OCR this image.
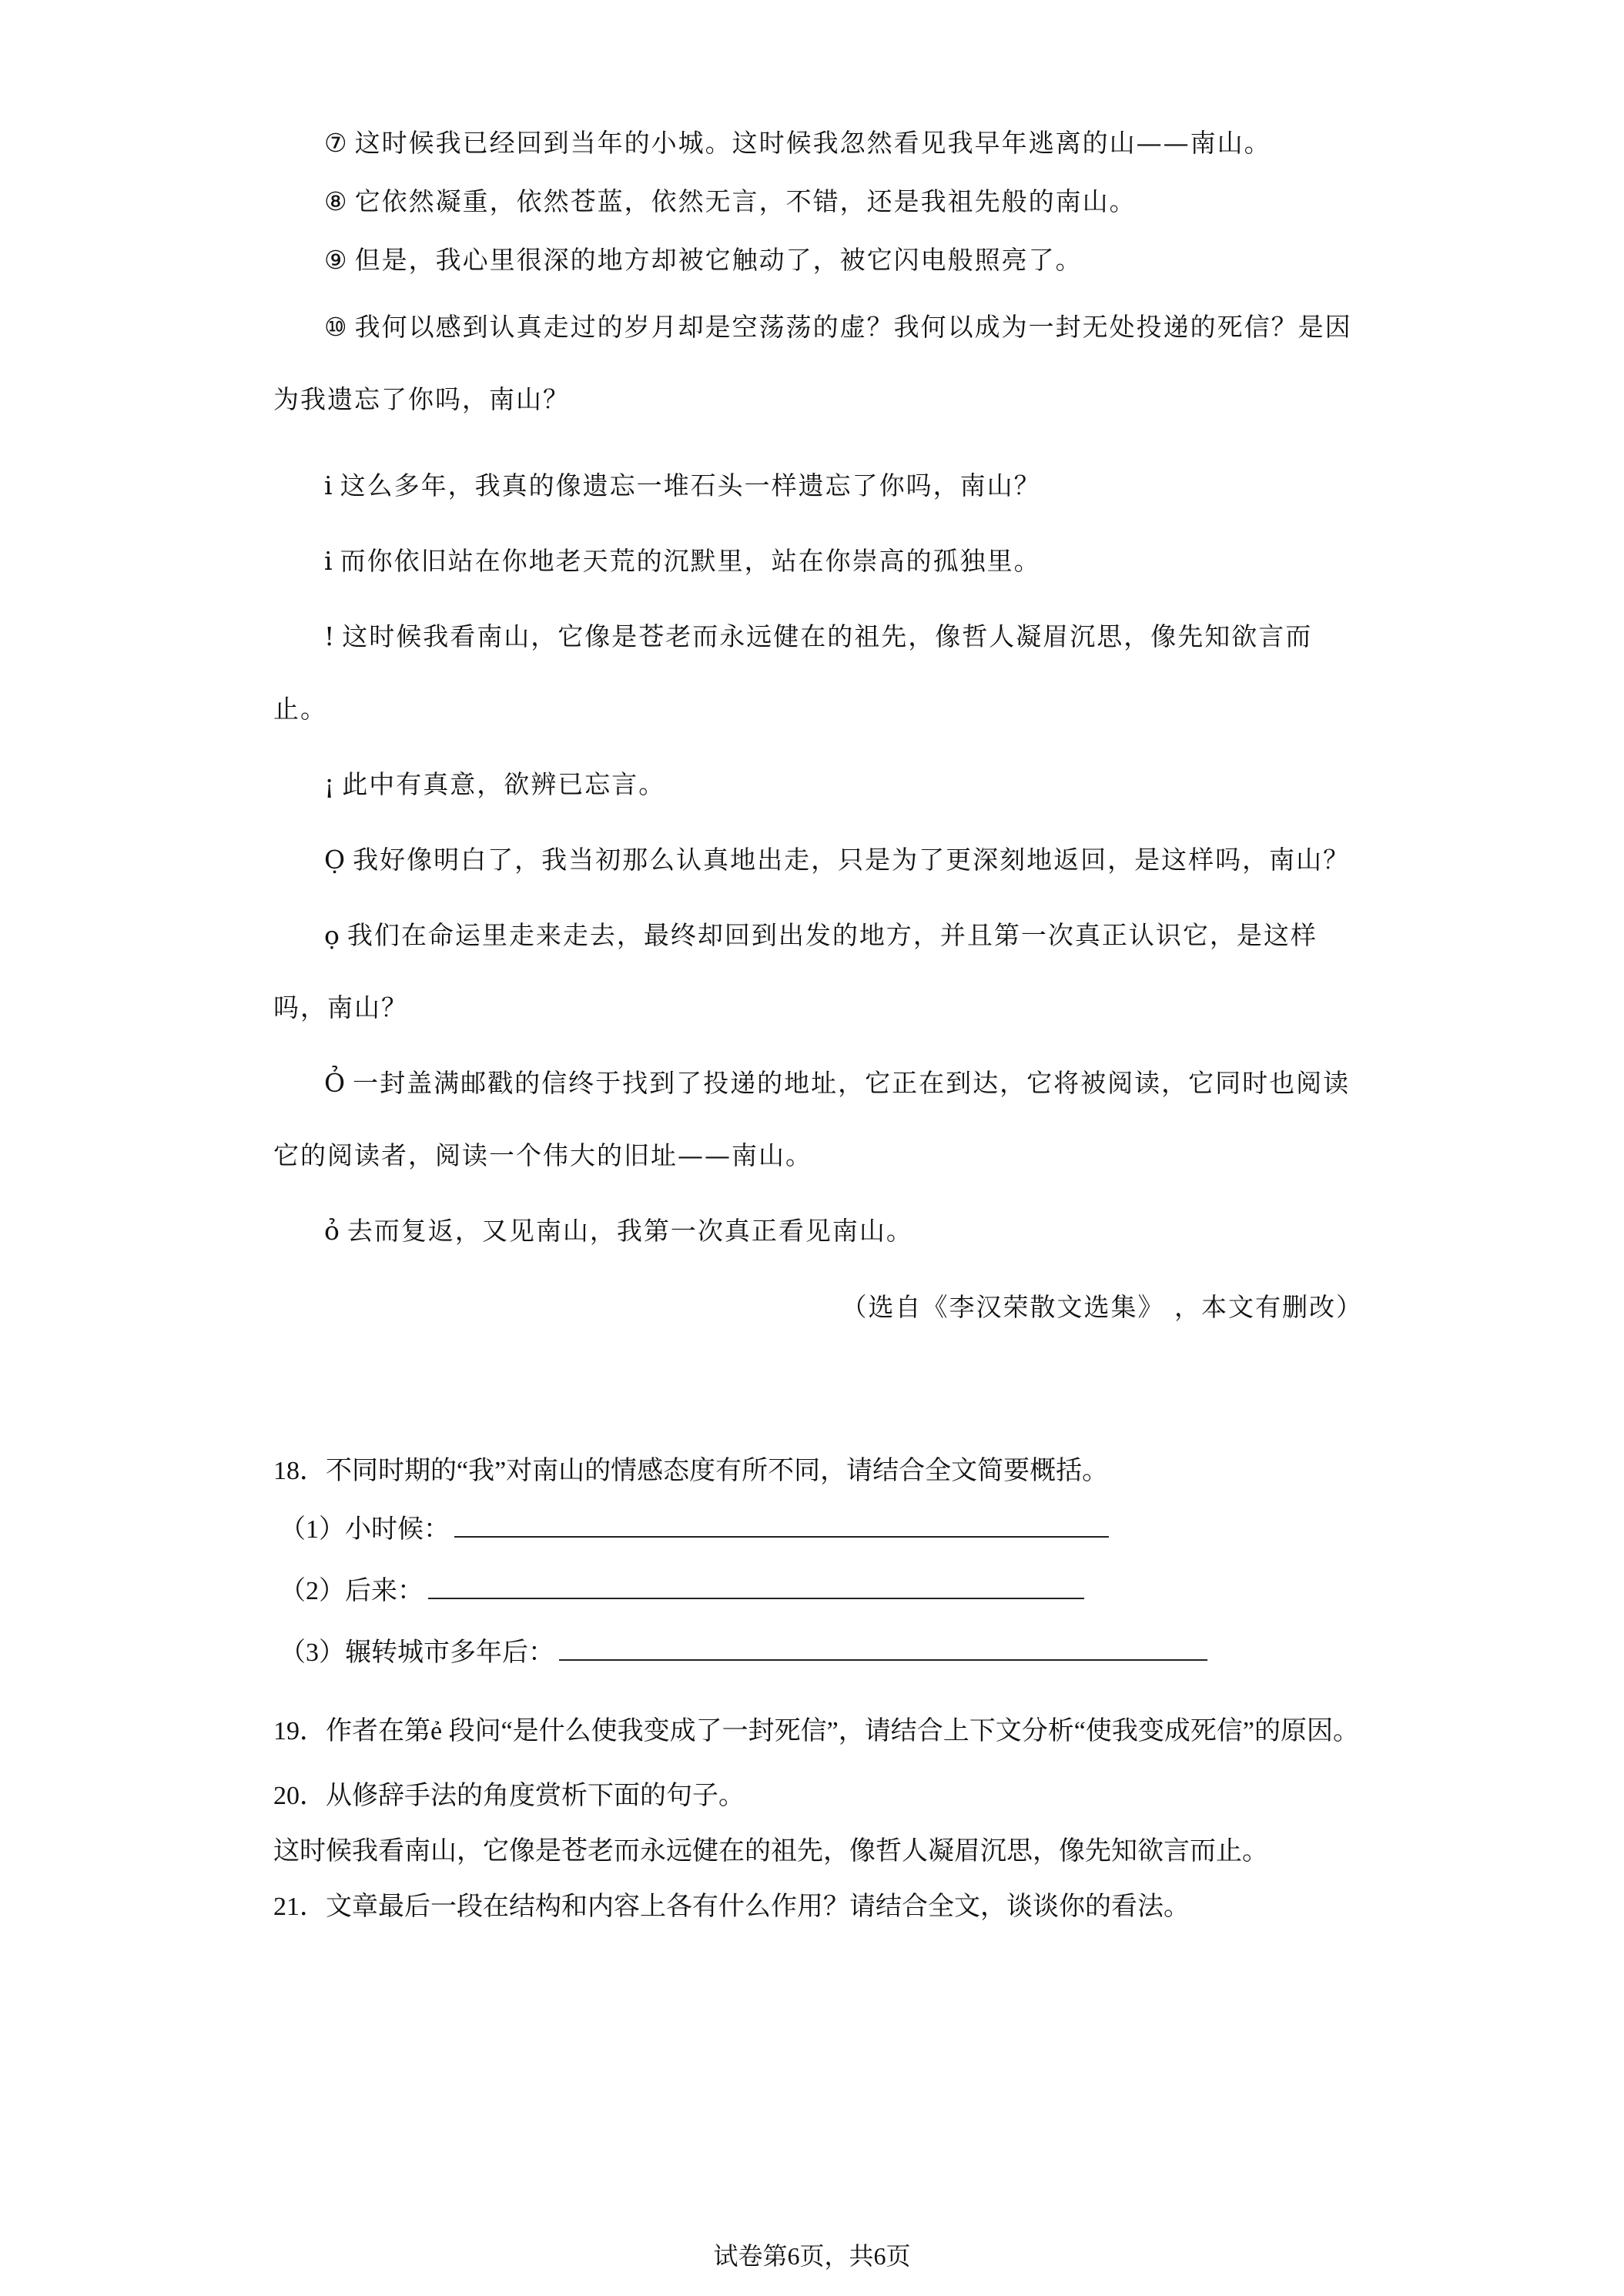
⑦ 这时候我已经回到当年的小城。这时候我忽然看见我早年逃离的山——南山。

⑧ 它依然凝重，依然苍蓝，依然无言，不错，还是我祖先般的南山。

⑨ 但是，我心里很深的地方却被它触动了，被它闪电般照亮了。

⑩ 我何以感到认真走过的岁月却是空荡荡的虚？我何以成为一封无处投递的死信？是因为我遗忘了你吗，南山？

ⅰ 这么多年，我真的像遗忘一堆石头一样遗忘了你吗，南山？

ⅰ 而你依旧站在你地老天荒的沉默里，站在你崇高的孤独里。

! 这时候我看南山，它像是苍老而永远健在的祖先，像哲人凝眉沉思，像先知欲言而止。

¡ 此中有真意，欲辨已忘言。

Ọ 我好像明白了，我当初那么认真地出走，只是为了更深刻地返回，是这样吗，南山？

ọ 我们在命运里走来走去，最终却回到出发的地方，并且第一次真正认识它，是这样吗，南山？

Ỏ 一封盖满邮戳的信终于找到了投递的地址，它正在到达，它将被阅读，它同时也阅读它的阅读者，阅读一个伟大的旧址——南山。

ỏ 去而复返，又见南山，我第一次真正看见南山。

（选自《李汉荣散文选集》 ，本文有删改）

18．不同时期的“我”对南山的情感态度有所不同，请结合全文简要概括。

（1）小时候：
（2）后来：
（3）辗转城市多年后：

19．作者在第ẻ 段问“是什么使我变成了一封死信”，请结合上下文分析“使我变成死信”的原因。

20．从修辞手法的角度赏析下面的句子。

这时候我看南山，它像是苍老而永远健在的祖先，像哲人凝眉沉思，像先知欲言而止。

21．文章最后一段在结构和内容上各有什么作用？请结合全文，谈谈你的看法。

试卷第6页，共6页
